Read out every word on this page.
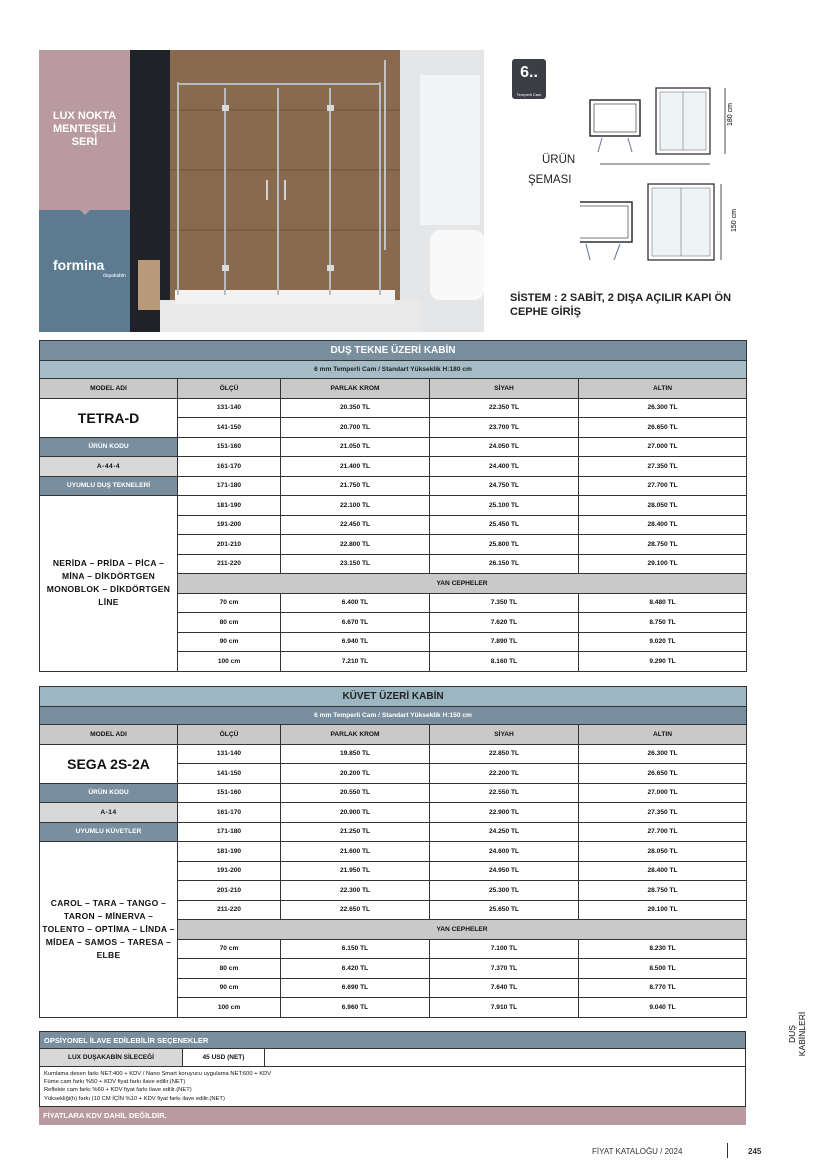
LUX NOKTA MENTEŞELİ SERİ
formina
duşakabin
6..
Temperli Cam
ÜRÜN
ŞEMASI
180 cm
150 cm
SİSTEM : 2 SABİT, 2 DIŞA AÇILIR KAPI ÖN CEPHE GİRİŞ
DUŞ TEKNE ÜZERİ KABİN				
6 mm Temperli Cam / Standart Yükseklik H:180 cm				
MODEL ADI	ÖLÇÜ	PARLAK KROM	SİYAH	ALTIN
TETRA-D	131-140	20.350 TL	22.350 TL	26.300 TL
	141-150	20.700 TL	23.700 TL	26.650 TL
ÜRÜN KODU	151-160	21.050 TL	24.050 TL	27.000 TL
A-44-4	161-170	21.400 TL	24.400 TL	27.350 TL
UYUMLU DUŞ TEKNELERİ	171-180	21.750 TL	24.750 TL	27.700 TL
NERİDA – PRİDA – PİCA – MİNA – DİKDÖRTGEN MONOBLOK – DİKDÖRTGEN LİNE	181-190	22.100 TL	25.100 TL	28.050 TL
	191-200	22.450 TL	25.450 TL	28.400 TL
	201-210	22.800 TL	25.800 TL	28.750 TL
	211-220	23.150 TL	26.150 TL	29.100 TL
	YAN CEPHELER			
	70 cm	6.400 TL	7.350 TL	8.480 TL
	80 cm	6.670 TL	7.620 TL	8.750 TL
	90 cm	6.940 TL	7.890 TL	9.020 TL
	100 cm	7.210 TL	8.160 TL	9.290 TL
KÜVET ÜZERİ KABİN				
6 mm Temperli Cam / Standart Yükseklik H:150 cm				
MODEL ADI	ÖLÇÜ	PARLAK KROM	SİYAH	ALTIN
SEGA 2S-2A	131-140	19.850 TL	22.850 TL	26.300 TL
	141-150	20.200 TL	22.200 TL	26.650 TL
ÜRÜN KODU	151-160	20.550 TL	22.550 TL	27.000 TL
A-14	161-170	20.900 TL	22.900 TL	27.350 TL
UYUMLU KÜVETLER	171-180	21.250 TL	24.250 TL	27.700 TL
CAROL – TARA – TANGO – TARON – MİNERVA – TOLENTO – OPTİMA – LİNDA – MİDEA – SAMOS – TARESA – ELBE	181-190	21.600 TL	24.600 TL	28.050 TL
	191-200	21.950 TL	24.950 TL	28.400 TL
	201-210	22.300 TL	25.300 TL	28.750 TL
	211-220	22.650 TL	25.650 TL	29.100 TL
	YAN CEPHELER			
	70 cm	6.150 TL	7.100 TL	8.230 TL
	80 cm	6.420 TL	7.370 TL	8.500 TL
	90 cm	6.690 TL	7.640 TL	8.770 TL
	100 cm	6.960 TL	7.910 TL	9.040 TL
OPSİYONEL İLAVE EDİLEBİLİR SEÇENEKLER
LUX DUŞAKABİN SİLECEĞİ	45 USD (NET)
Kumlama desen farkı NET:400 + KDV / Nano Smart koruyucu uygulama NET:600 + KDV
Füme cam farkı %50 + KDV fiyat farkı ilave edilir.(NET)
Reflekte cam farkı %60 + KDV fiyat farkı ilave edilir.(NET)
Yüksekliği(h) farkı (10 CM İÇİN %10 + KDV fiyat farkı ilave edilir.(NET)
FİYATLARA KDV DAHİL DEĞİLDİR.
DUŞ KABİNLERİ
FİYAT KATALOĞU / 2024	245
